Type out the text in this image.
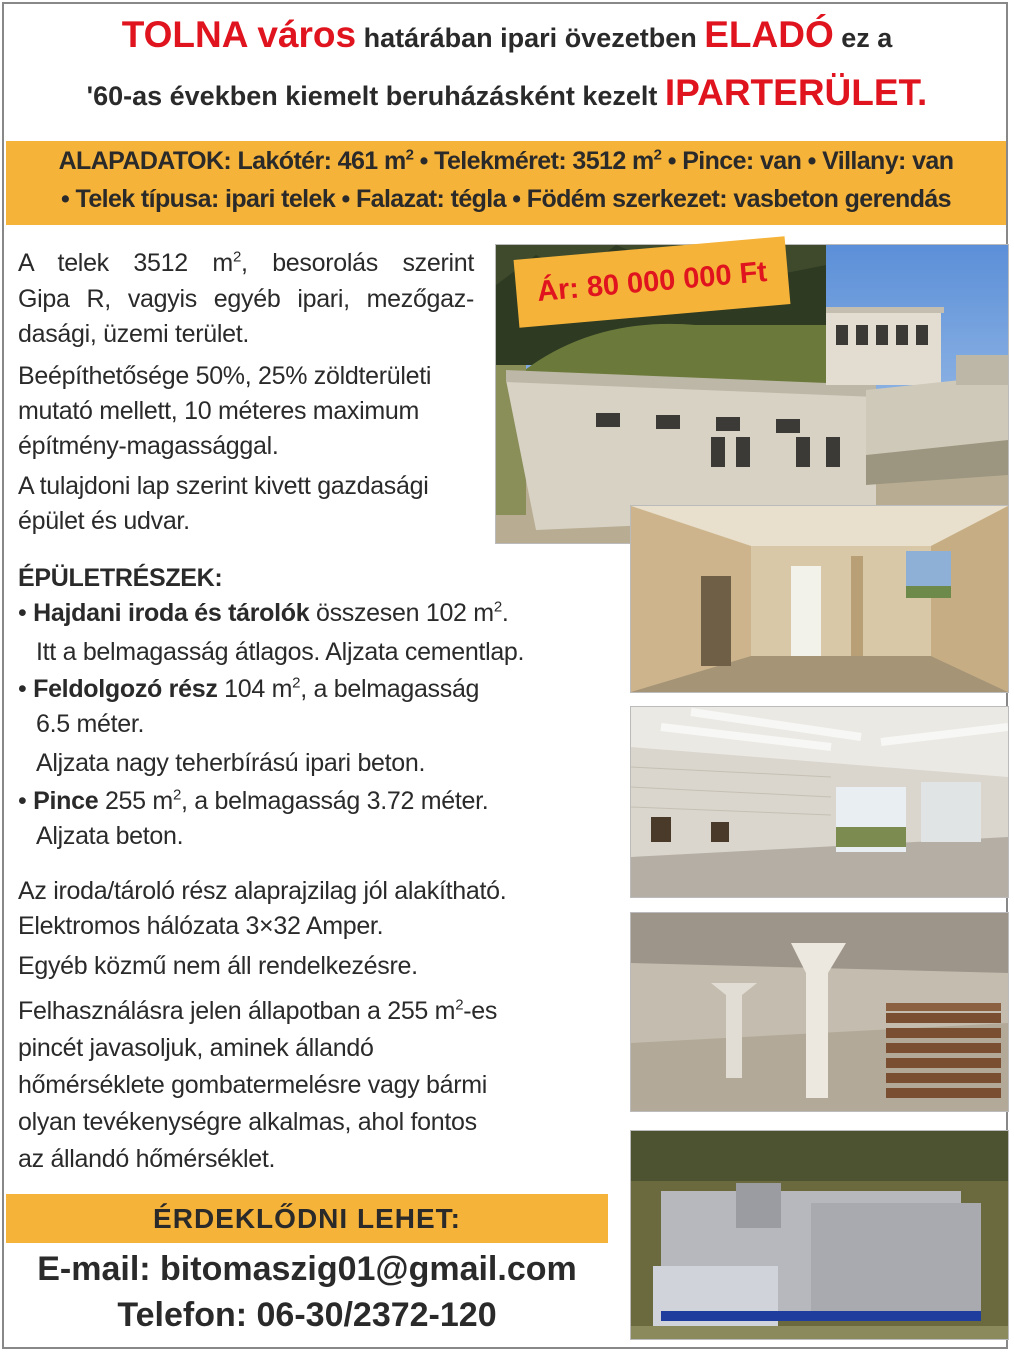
TOLNA város határában ipari övezetben ELADÓ ez a
'60-as években kiemelt beruházásként kezelt IPARTERÜLET.
ALAPADATOK: Lakótér: 461 $m^2$ • Telekméret: 3512 $m^2$ • Pince: van • Villany: van
• Telek típusa: ipari telek • Falazat: tégla • Födém szerkezet: vasbeton gerendás
Ár: 80 000 000 Ft
A telek 3512 $m^2$, besorolás szerint
Gipa R, vagyis egyéb ipari, mezőgaz-
dasági, üzemi terület.
Beépíthetősége 50%, 25% zöldterületi
mutató mellett, 10 méteres maximum
építmény-magassággal.
A tulajdoni lap szerint kivett gazdasági
épület és udvar.
ÉPÜLETRÉSZEK:
• Hajdani iroda és tárolók összesen 102 $m^2$.
Itt a belmagasság átlagos. Aljzata cementlap.
• Feldolgozó rész 104 $m^2$, a belmagasság
6.5 méter.
Aljzata nagy teherbírású ipari beton.
• Pince 255 $m^2$, a belmagasság 3.72 méter.
Aljzata beton.
Az iroda/tároló rész alaprajzilag jól alakítható.
Elektromos hálózata 3×32 Amper.
Egyéb közmű nem áll rendelkezésre.
Felhasználásra jelen állapotban a 255 $m^2-es$
pincét javasoljuk, aminek állandó
hőmérséklete gombatermelésre vagy bármi
olyan tevékenységre alkalmas, ahol fontos
az állandó hőmérséklet.
ÉRDEKLŐDNI LEHET:
E-mail: bitomaszig01@gmail.com
Telefon: 06-30/2372-120
